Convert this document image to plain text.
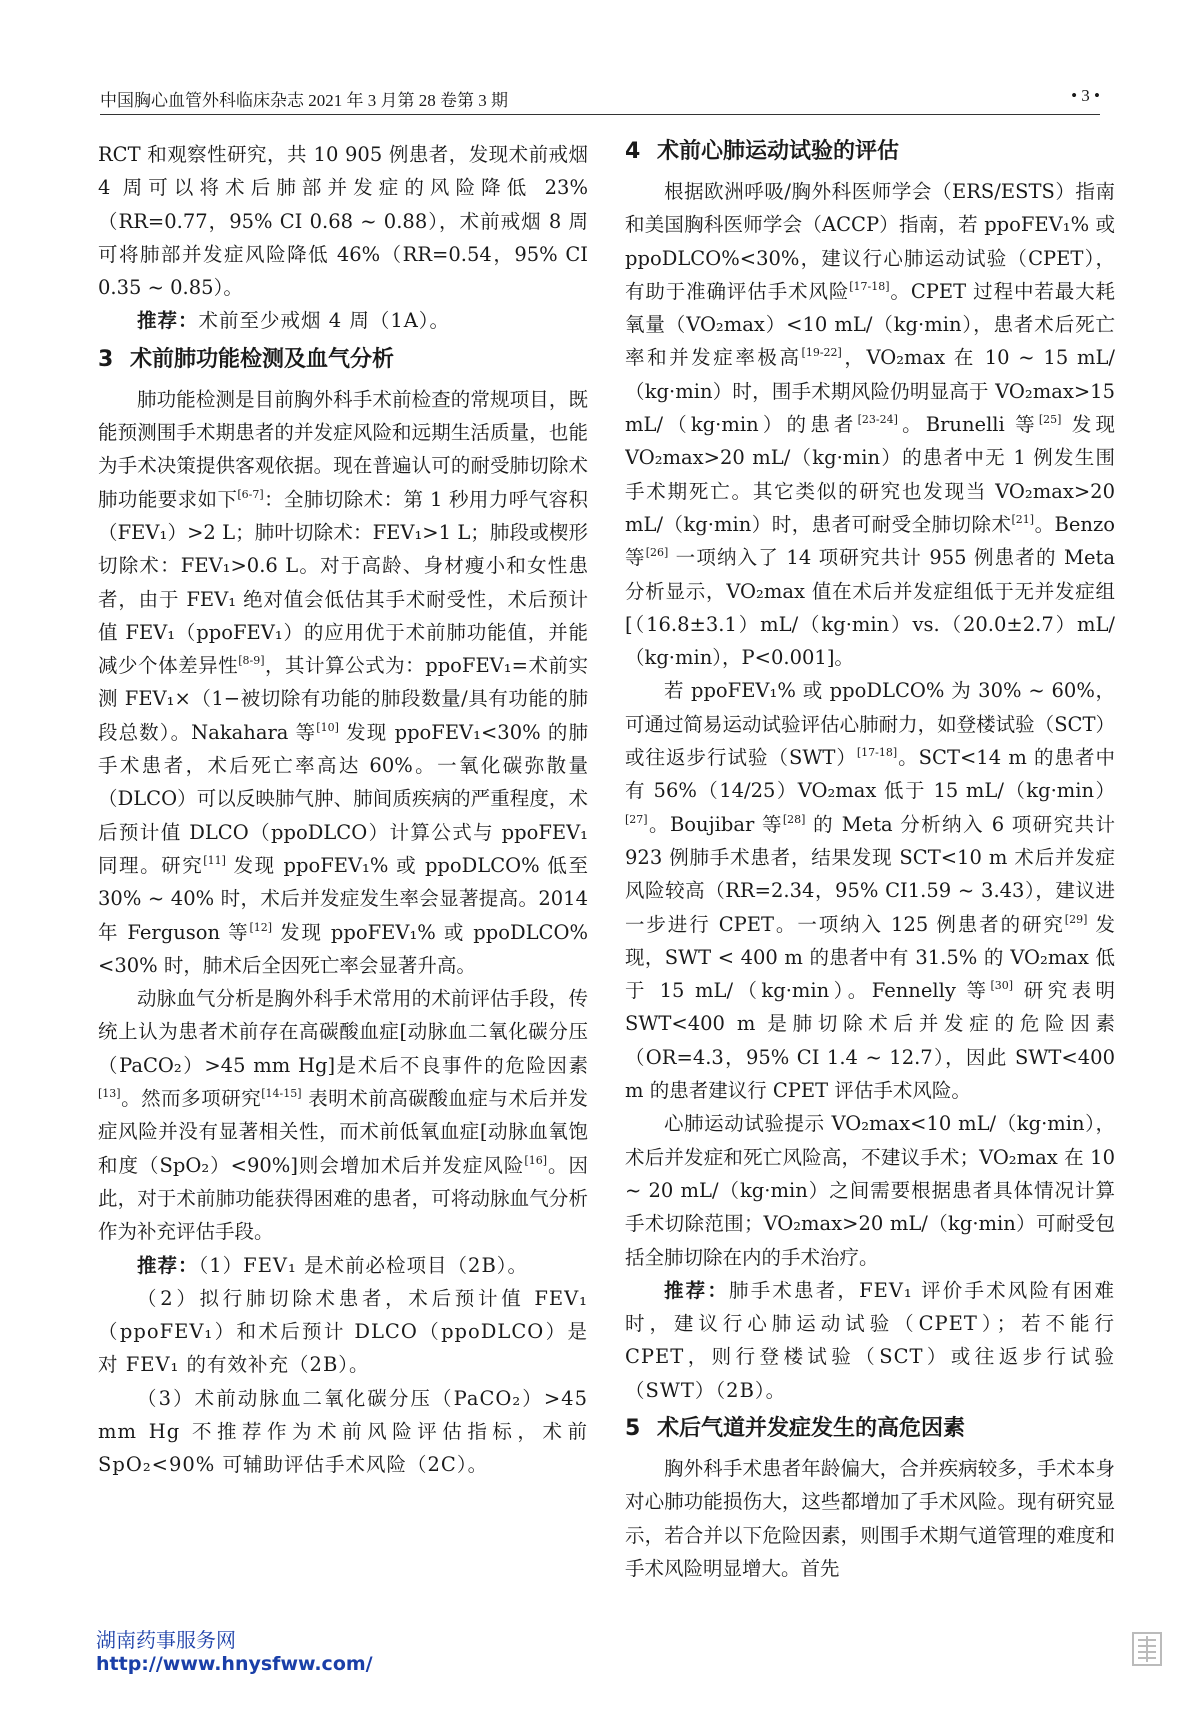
中国胸心血管外科临床杂志 2021 年 3 月第 28 卷第 3 期	• 3 •

RCT 和观察性研究，共 10 905 例患者，发现术前戒烟 4 周可以将术后肺部并发症的风险降低 23%（RR=0.77，95% CI 0.68 ~ 0.88），术前戒烟 8 周可将肺部并发症风险降低 46%（RR=0.54，95% CI 0.35 ~ 0.85）。

推荐：术前至少戒烟 4 周（1A）。

3 术前肺功能检测及血气分析

肺功能检测是目前胸外科手术前检查的常规项目，既能预测围手术期患者的并发症风险和远期生活质量，也能为手术决策提供客观依据。现在普遍认可的耐受肺切除术肺功能要求如下[6-7]：全肺切除术：第 1 秒用力呼气容积（FEV₁）>2 L；肺叶切除术：FEV₁>1 L；肺段或楔形切除术：FEV₁>0.6 L。对于高龄、身材瘦小和女性患者，由于 FEV₁ 绝对值会低估其手术耐受性，术后预计值 FEV₁（ppoFEV₁）的应用优于术前肺功能值，并能减少个体差异性[8-9]，其计算公式为：ppoFEV₁=术前实测 FEV₁×（1−被切除有功能的肺段数量/具有功能的肺段总数）。Nakahara 等[10] 发现 ppoFEV₁<30% 的肺手术患者，术后死亡率高达 60%。一氧化碳弥散量（DLCO）可以反映肺气肿、肺间质疾病的严重程度，术后预计值 DLCO（ppoDLCO）计算公式与 ppoFEV₁ 同理。研究[11] 发现 ppoFEV₁% 或 ppoDLCO% 低至 30% ~ 40% 时，术后并发症发生率会显著提高。2014 年 Ferguson 等[12] 发现 ppoFEV₁% 或 ppoDLCO%<30% 时，肺术后全因死亡率会显著升高。

动脉血气分析是胸外科手术常用的术前评估手段，传统上认为患者术前存在高碳酸血症[动脉血二氧化碳分压（PaCO₂）>45 mm Hg]是术后不良事件的危险因素[13]。然而多项研究[14-15] 表明术前高碳酸血症与术后并发症风险并没有显著相关性，而术前低氧血症[动脉血氧饱和度（SpO₂）<90%]则会增加术后并发症风险[16]。因此，对于术前肺功能获得困难的患者，可将动脉血气分析作为补充评估手段。

推荐：（1）FEV₁ 是术前必检项目（2B）。

（2）拟行肺切除术患者，术后预计值 FEV₁（ppoFEV₁）和术后预计 DLCO（ppoDLCO）是对 FEV₁ 的有效补充（2B）。

（3）术前动脉血二氧化碳分压（PaCO₂）>45 mm Hg 不推荐作为术前风险评估指标，术前 SpO₂<90% 可辅助评估手术风险（2C）。

4 术前心肺运动试验的评估

根据欧洲呼吸/胸外科医师学会（ERS/ESTS）指南和美国胸科医师学会（ACCP）指南，若 ppoFEV₁% 或 ppoDLCO%<30%，建议行心肺运动试验（CPET），有助于准确评估手术风险[17-18]。CPET 过程中若最大耗氧量（VO₂max）<10 mL/（kg·min），患者术后死亡率和并发症率极高[19-22]，VO₂max 在 10 ~ 15 mL/（kg·min）时，围手术期风险仍明显高于 VO₂max>15 mL/（kg·min）的患者[23-24]。Brunelli 等[25] 发现 VO₂max>20 mL/（kg·min）的患者中无 1 例发生围手术期死亡。其它类似的研究也发现当 VO₂max>20 mL/（kg·min）时，患者可耐受全肺切除术[21]。Benzo 等[26] 一项纳入了 14 项研究共计 955 例患者的 Meta 分析显示，VO₂max 值在术后并发症组低于无并发症组[（16.8±3.1）mL/（kg·min）vs.（20.0±2.7）mL/（kg·min），P<0.001]。

若 ppoFEV₁% 或 ppoDLCO% 为 30% ~ 60%，可通过简易运动试验评估心肺耐力，如登楼试验（SCT）或往返步行试验（SWT）[17-18]。SCT<14 m 的患者中有 56%（14/25）VO₂max 低于 15 mL/（kg·min）[27]。Boujibar 等[28] 的 Meta 分析纳入 6 项研究共计 923 例肺手术患者，结果发现 SCT<10 m 术后并发症风险较高（RR=2.34，95% CI1.59 ~ 3.43），建议进一步进行 CPET。一项纳入 125 例患者的研究[29] 发现，SWT < 400 m 的患者中有 31.5% 的 VO₂max 低于 15 mL/（kg·min）。Fennelly 等[30] 研究表明 SWT<400 m 是肺切除术后并发症的危险因素（OR=4.3，95% CI 1.4 ~ 12.7），因此 SWT<400 m 的患者建议行 CPET 评估手术风险。

心肺运动试验提示 VO₂max<10 mL/（kg·min），术后并发症和死亡风险高，不建议手术；VO₂max 在 10 ~ 20 mL/（kg·min）之间需要根据患者具体情况计算手术切除范围；VO₂max>20 mL/（kg·min）可耐受包括全肺切除在内的手术治疗。

推荐：肺手术患者，FEV₁ 评价手术风险有困难时，建议行心肺运动试验（CPET）；若不能行 CPET，则行登楼试验（SCT）或往返步行试验（SWT）（2B）。

5 术后气道并发症发生的高危因素

胸外科手术患者年龄偏大，合并疾病较多，手术本身对心肺功能损伤大，这些都增加了手术风险。现有研究显示，若合并以下危险因素，则围手术期气道管理的难度和手术风险明显增大。首先

湖南药事服务网
http://www.hnysfww.com/
